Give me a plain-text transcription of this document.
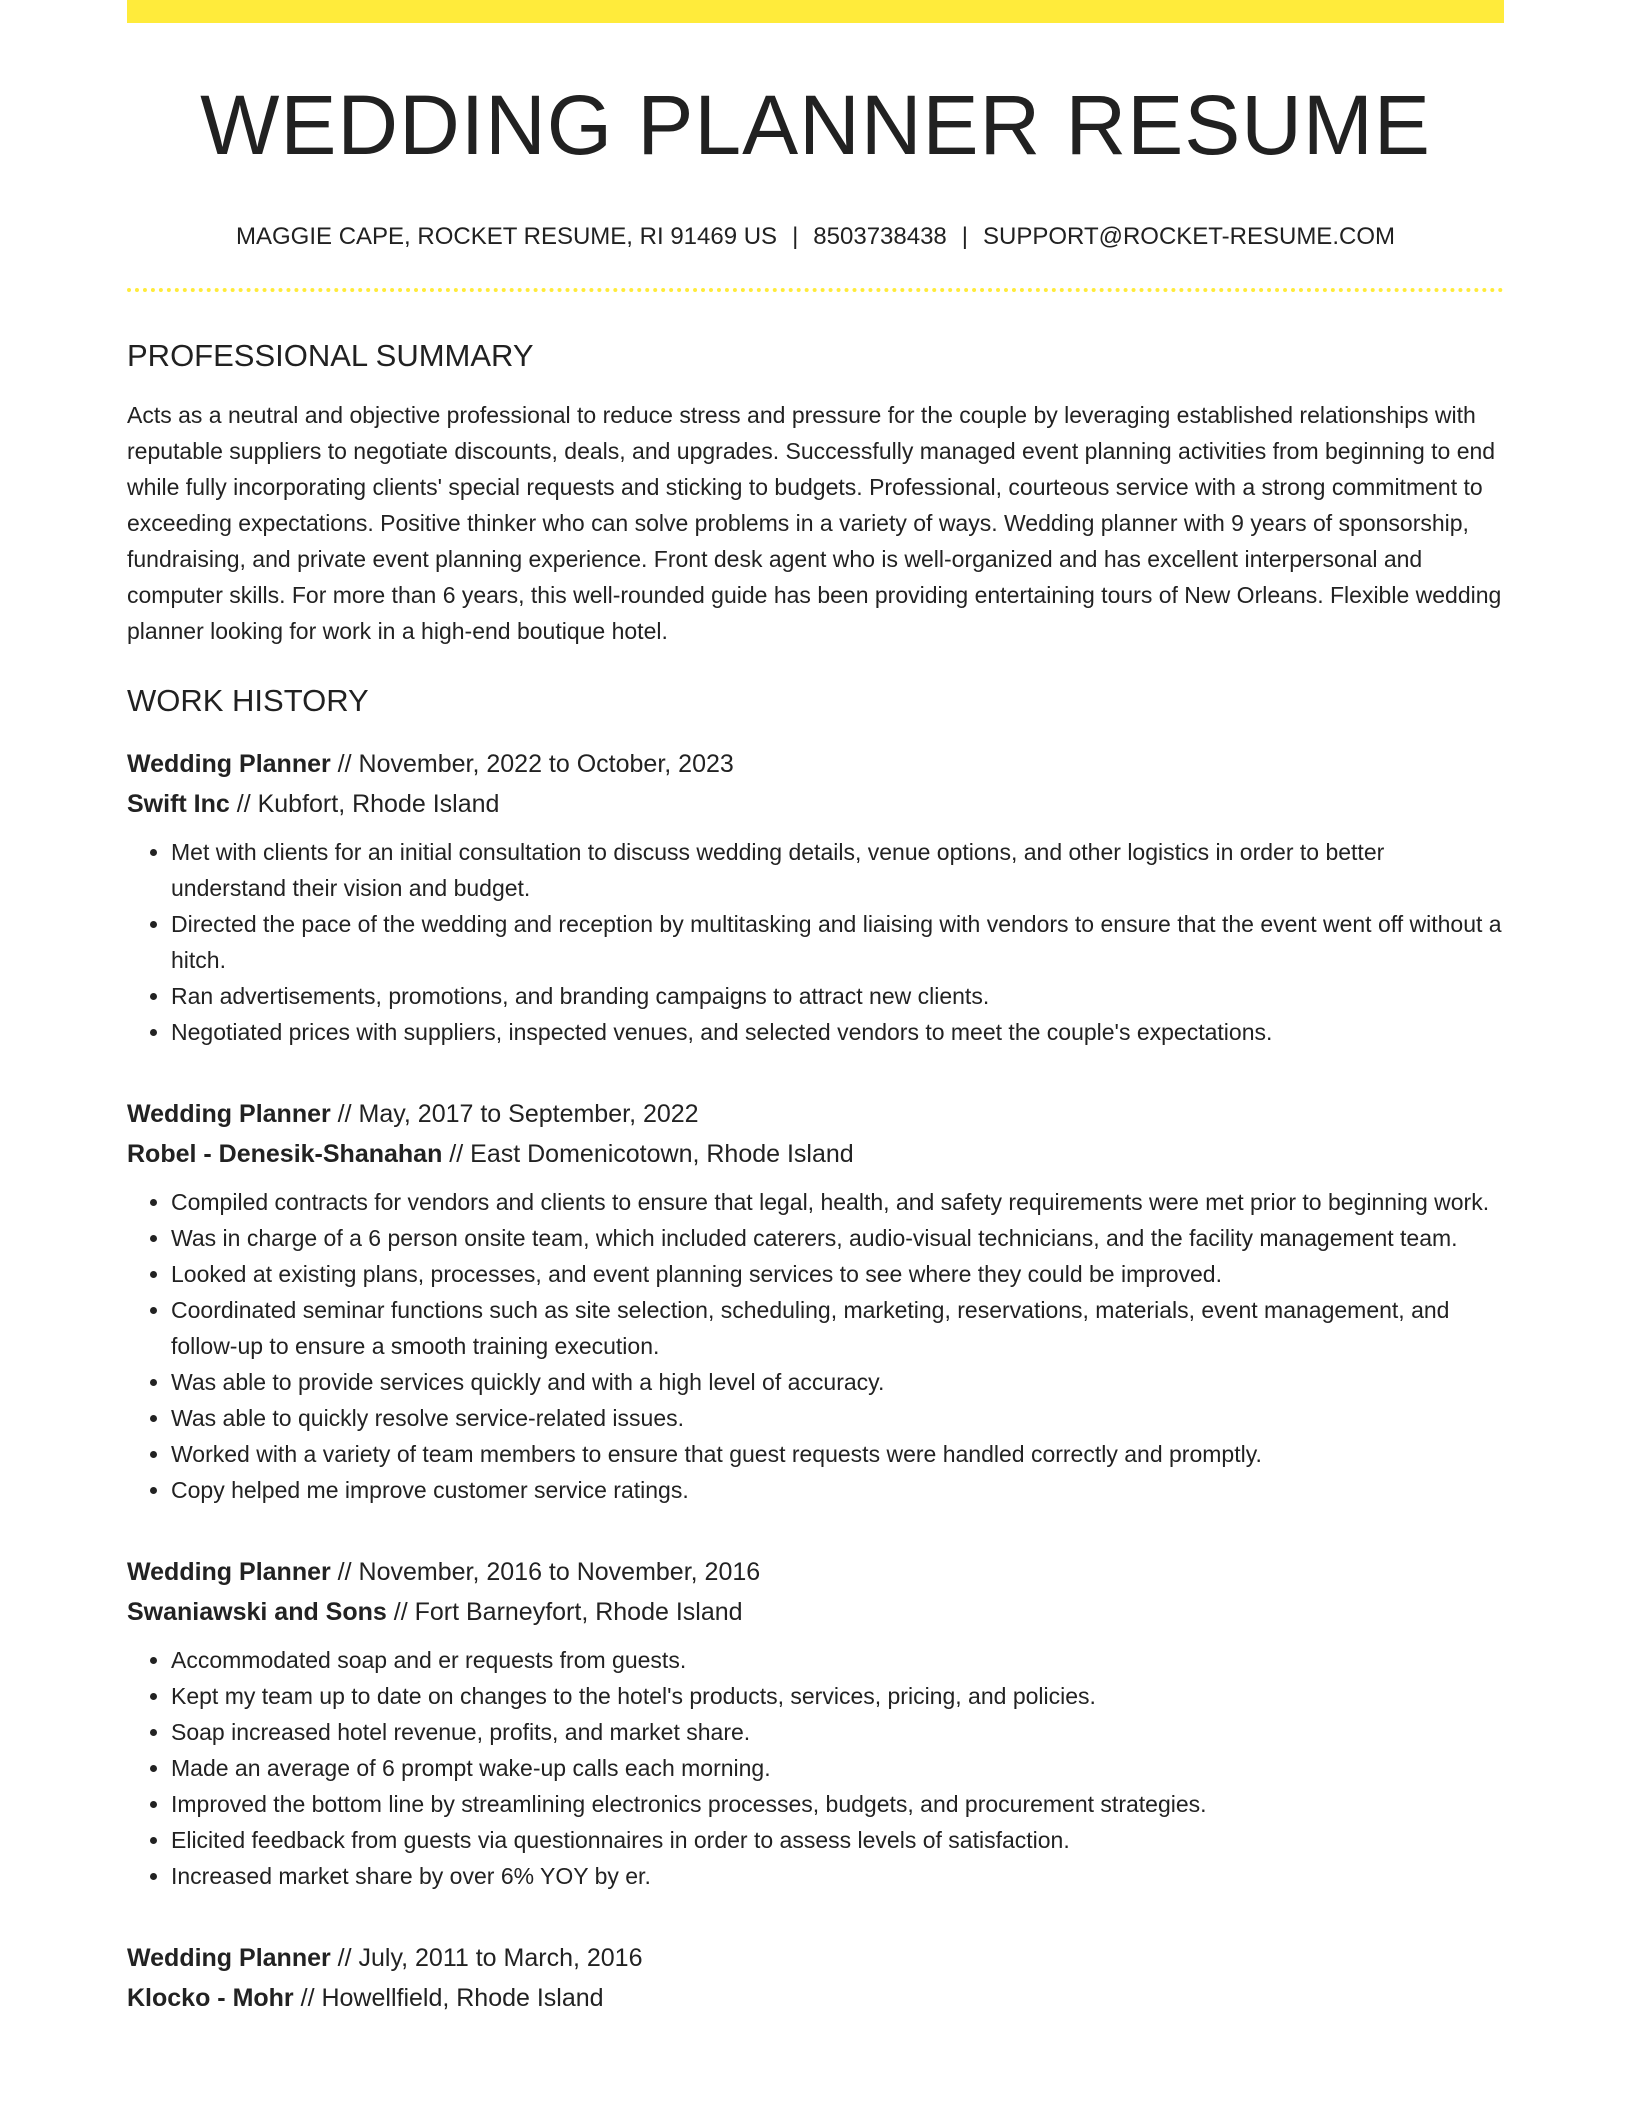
WEDDING PLANNER RESUME
MAGGIE CAPE, ROCKET RESUME, RI 91469 US | 8503738438 | SUPPORT@ROCKET-RESUME.COM
PROFESSIONAL SUMMARY

Acts as a neutral and objective professional to reduce stress and pressure for the couple by leveraging established relationships with reputable suppliers to negotiate discounts, deals, and upgrades. Successfully managed event planning activities from beginning to end while fully incorporating clients' special requests and sticking to budgets. Professional, courteous service with a strong commitment to exceeding expectations. Positive thinker who can solve problems in a variety of ways. Wedding planner with 9 years of sponsorship, fundraising, and private event planning experience. Front desk agent who is well-organized and has excellent interpersonal and computer skills. For more than 6 years, this well-rounded guide has been providing entertaining tours of New Orleans. Flexible wedding planner looking for work in a high-end boutique hotel.

WORK HISTORY
Wedding Planner // November, 2022 to October, 2023
Swift Inc // Kubfort, Rhode Island
• Met with clients for an initial consultation to discuss wedding details, venue options, and other logistics in order to better understand their vision and budget.
• Directed the pace of the wedding and reception by multitasking and liaising with vendors to ensure that the event went off without a hitch.
• Ran advertisements, promotions, and branding campaigns to attract new clients.
• Negotiated prices with suppliers, inspected venues, and selected vendors to meet the couple's expectations.
Wedding Planner // May, 2017 to September, 2022
Robel - Denesik-Shanahan // East Domenicotown, Rhode Island
• Compiled contracts for vendors and clients to ensure that legal, health, and safety requirements were met prior to beginning work.
• Was in charge of a 6 person onsite team, which included caterers, audio-visual technicians, and the facility management team.
• Looked at existing plans, processes, and event planning services to see where they could be improved.
• Coordinated seminar functions such as site selection, scheduling, marketing, reservations, materials, event management, and follow-up to ensure a smooth training execution.
• Was able to provide services quickly and with a high level of accuracy.
• Was able to quickly resolve service-related issues.
• Worked with a variety of team members to ensure that guest requests were handled correctly and promptly.
• Copy helped me improve customer service ratings.
Wedding Planner // November, 2016 to November, 2016
Swaniawski and Sons // Fort Barneyfort, Rhode Island
• Accommodated soap and er requests from guests.
• Kept my team up to date on changes to the hotel's products, services, pricing, and policies.
• Soap increased hotel revenue, profits, and market share.
• Made an average of 6 prompt wake-up calls each morning.
• Improved the bottom line by streamlining electronics processes, budgets, and procurement strategies.
• Elicited feedback from guests via questionnaires in order to assess levels of satisfaction.
• Increased market share by over 6% YOY by er.
Wedding Planner // July, 2011 to March, 2016
Klocko - Mohr // Howellfield, Rhode Island
